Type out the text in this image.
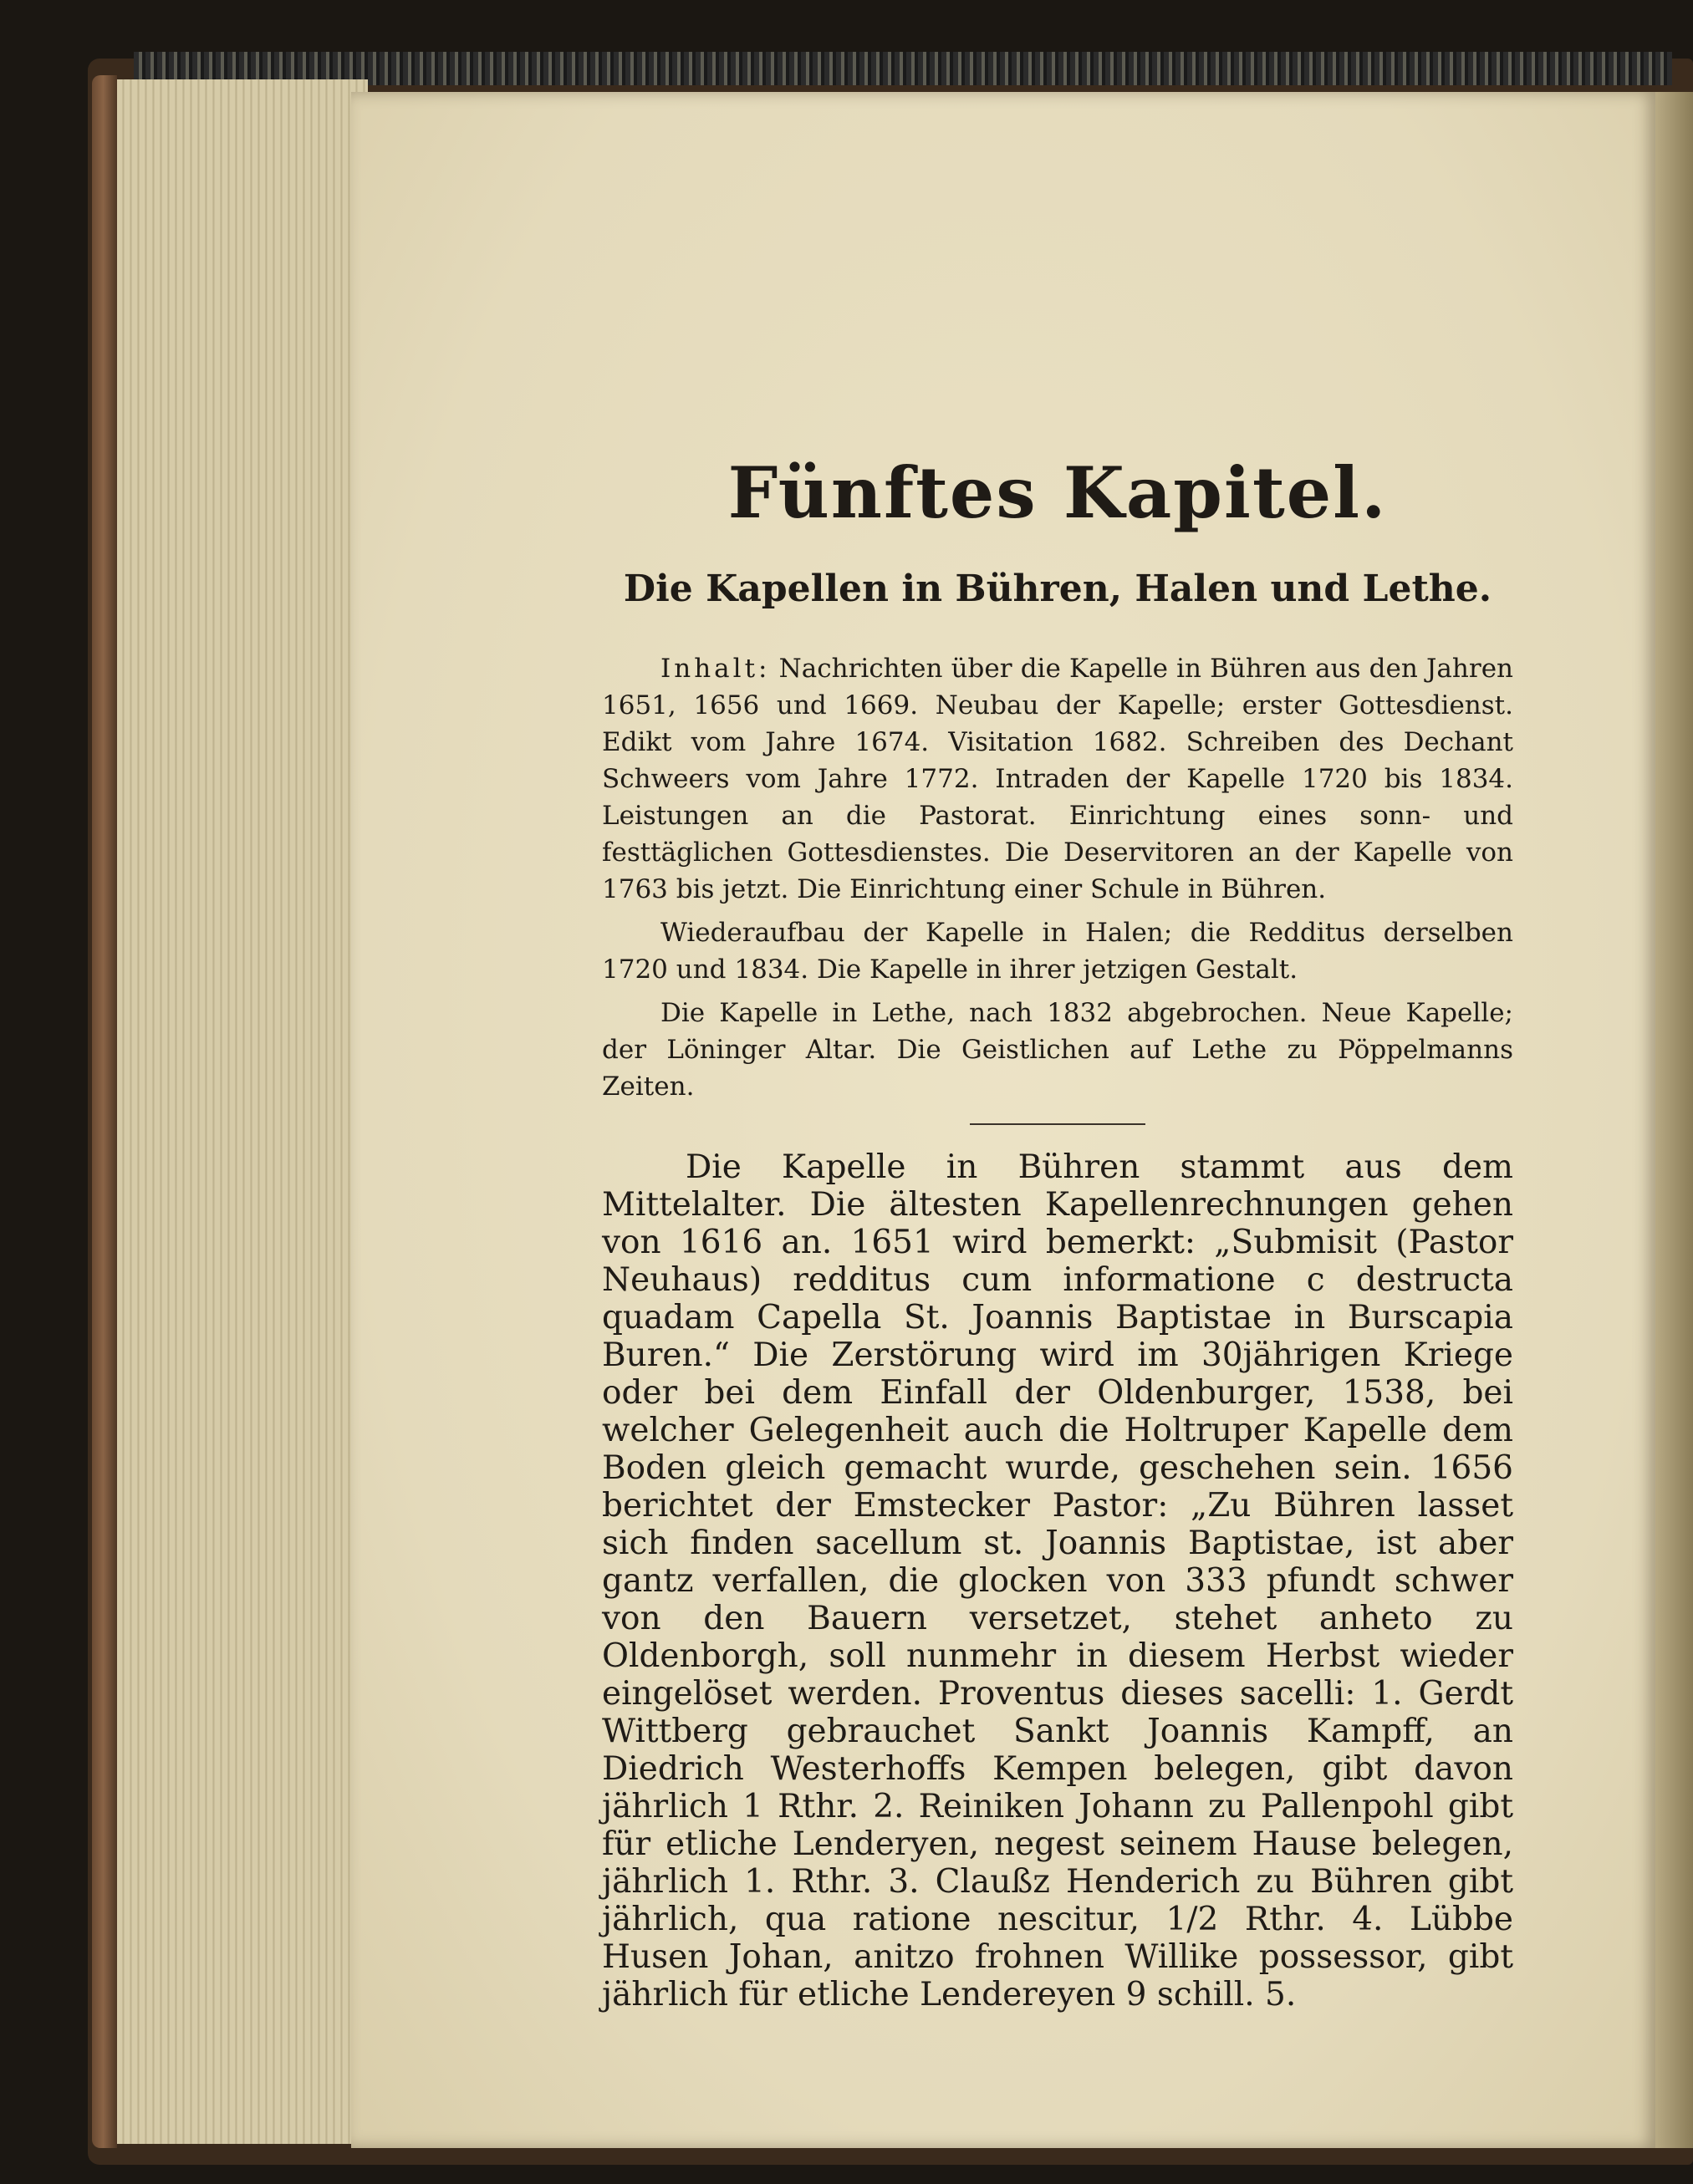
Fünftes Kapitel.
Die Kapellen in Bühren, Halen und Lethe.

Inhalt: Nachrichten über die Kapelle in Bühren aus den Jahren 1651, 1656 und 1669. Neubau der Kapelle; erster Gottesdienst. Edikt vom Jahre 1674. Visitation 1682. Schreiben des Dechant Schweers vom Jahre 1772. Intraden der Kapelle 1720 bis 1834. Leistungen an die Pastorat. Einrichtung eines sonn- und festtäglichen Gottesdienstes. Die Deservitoren an der Kapelle von 1763 bis jetzt. Die Einrichtung einer Schule in Bühren.

Wiederaufbau der Kapelle in Halen; die Redditus derselben 1720 und 1834. Die Kapelle in ihrer jetzigen Gestalt.

Die Kapelle in Lethe, nach 1832 abgebrochen. Neue Kapelle; der Löninger Altar. Die Geistlichen auf Lethe zu Pöppelmanns Zeiten.

Die Kapelle in Bühren stammt aus dem Mittelalter. Die ältesten Kapellenrechnungen gehen von 1616 an. 1651 wird bemerkt: „Submisit (Pastor Neuhaus) redditus cum informatione c destructa quadam Capella St. Joannis Baptistae in Burscapia Buren.“ Die Zerstörung wird im 30jährigen Kriege oder bei dem Einfall der Oldenburger, 1538, bei welcher Gelegenheit auch die Holtruper Kapelle dem Boden gleich gemacht wurde, geschehen sein. 1656 berichtet der Emstecker Pastor: „Zu Bühren lasset sich finden sacellum st. Joannis Baptistae, ist aber gantz verfallen, die glocken von 333 pfundt schwer von den Bauern versetzet, stehet anheto zu Oldenborgh, soll nunmehr in diesem Herbst wieder eingelöset werden. Proventus dieses sacelli: 1. Gerdt Wittberg gebrauchet Sankt Joannis Kampff, an Diedrich Westerhoffs Kempen belegen, gibt davon jährlich 1 Rthr. 2. Reiniken Johann zu Pallenpohl gibt für etliche Lenderyen, negest seinem Hause belegen, jährlich 1. Rthr. 3. Claußz Henderich zu Bühren gibt jährlich, qua ratione nescitur, 1/2 Rthr. 4. Lübbe Husen Johan, anitzo frohnen Willike possessor, gibt jährlich für etliche Lendereyen 9 schill. 5.
